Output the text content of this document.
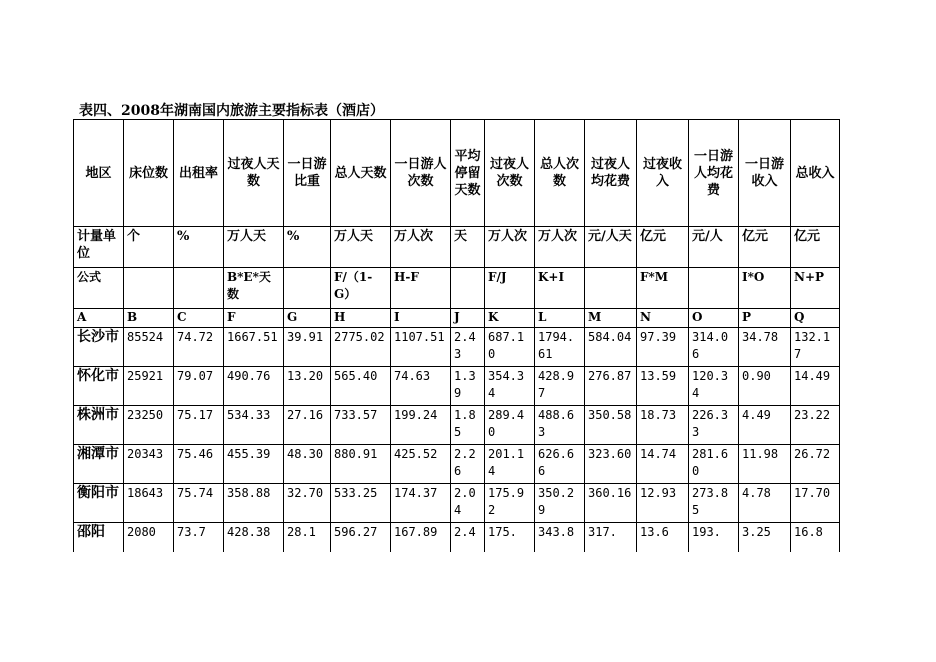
表四、2008年湖南国内旅游主要指标表（酒店）
地区	床位数	出租率	过夜人天数	一日游比重	总人天数	一日游人次数	平均停留天数	过夜人次数	总人次数	过夜人均花费	过夜收入	一日游人均花费	一日游收入	总收入
计量单位	个	%	万人天	%	万人天	万人次	天	万人次	万人次	元/人天	亿元	元/人	亿元	亿元
公式			B*E*天数		F/（1-G）	H-F		F/J	K+I		F*M		I*O	N+P
A	B	C	F	G	H	I	J	K	L	M	N	O	P	Q
长沙市	85524	74.72	1667.51	39.91	2775.02	1107.51	2.43	687.10	1794.61	584.04	97.39	314.06	34.78	132.17
怀化市	25921	79.07	490.76	13.20	565.40	74.63	1.39	354.34	428.97	276.87	13.59	120.34	0.90	14.49
株洲市	23250	75.17	534.33	27.16	733.57	199.24	1.85	289.40	488.63	350.58	18.73	226.33	4.49	23.22
湘潭市	20343	75.46	455.39	48.30	880.91	425.52	2.26	201.14	626.66	323.60	14.74	281.60	11.98	26.72
衡阳市	18643	75.74	358.88	32.70	533.25	174.37	2.04	175.92	350.29	360.16	12.93	273.85	4.78	17.70
邵阳	2080	73.7	428.38	28.1	596.27	167.89	2.4	175.	343.8	317.	13.6	193.	3.25	16.8
